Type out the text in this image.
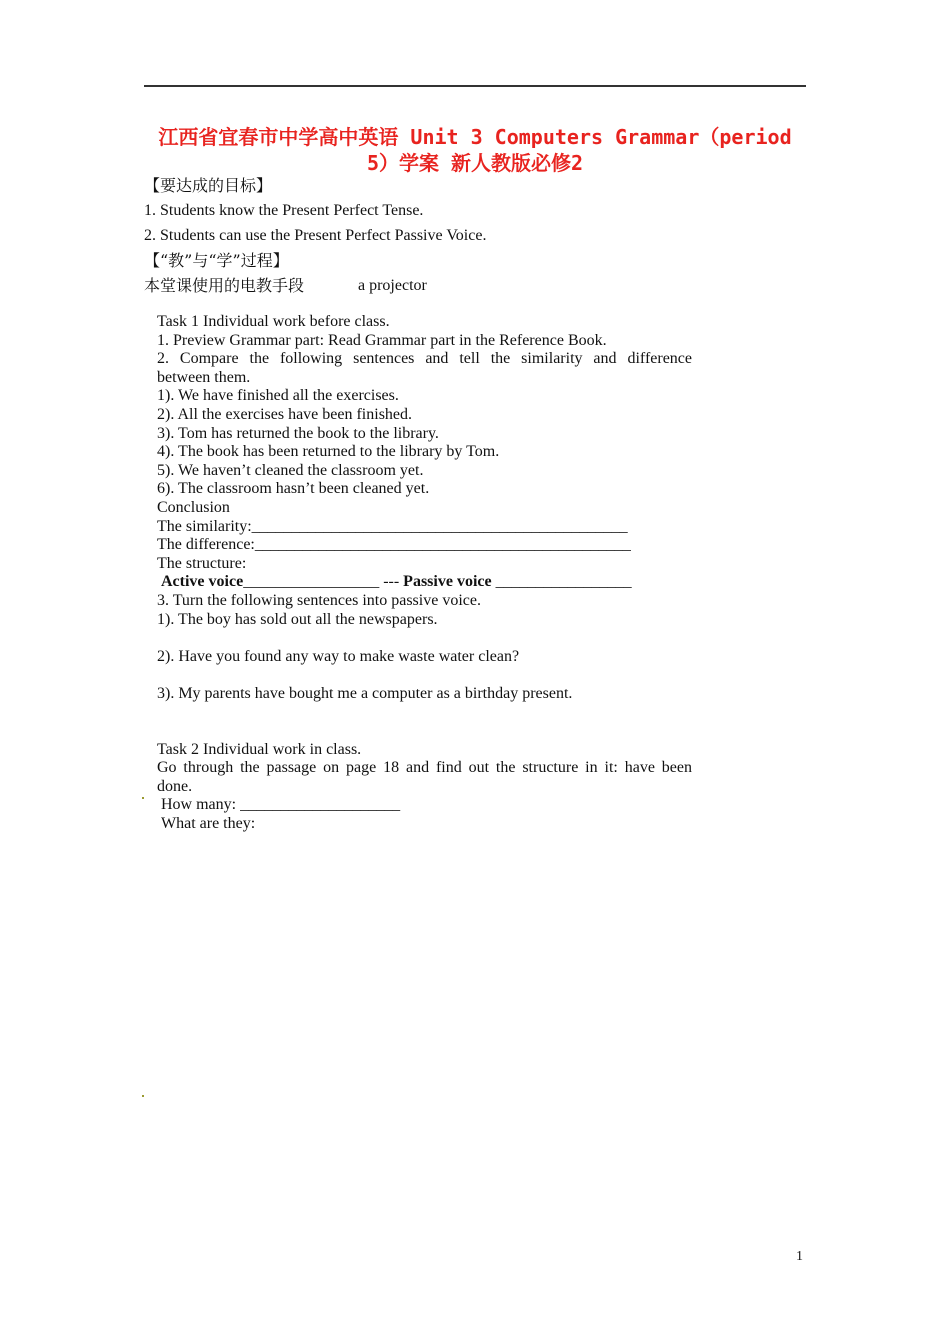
江西省宜春市中学高中英语 Unit 3 Computers Grammar（period
5）学案 新人教版必修2
【要达成的目标】
1. Students know the Present Perfect Tense.
2. Students can use the Present Perfect Passive Voice.
【“教”与“学”过程】
本堂课使用的电教手段	a projector
Task 1 Individual work before class.
1. Preview Grammar part: Read Grammar part in the Reference Book.
2. Compare the following sentences and tell the similarity and difference
between them.
1). We have finished all the exercises.
2). All the exercises have been finished.
3). Tom has returned the book to the library.
4). The book has been returned to the library by Tom.
5). We haven’t cleaned the classroom yet.
6). The classroom hasn’t been cleaned yet.
Conclusion
The similarity:_______________________________________________
The difference:_______________________________________________
The structure:
Active voice_________________ --- Passive voice _________________
3. Turn the following sentences into passive voice.
1). The boy has sold out all the newspapers.
2). Have you found any way to make waste water clean?
3). My parents have bought me a computer as a birthday present.
Task 2 Individual work in class.
Go through the passage on page 18 and find out the structure in it: have been
done.
How many: ____________________
What are they:
1
